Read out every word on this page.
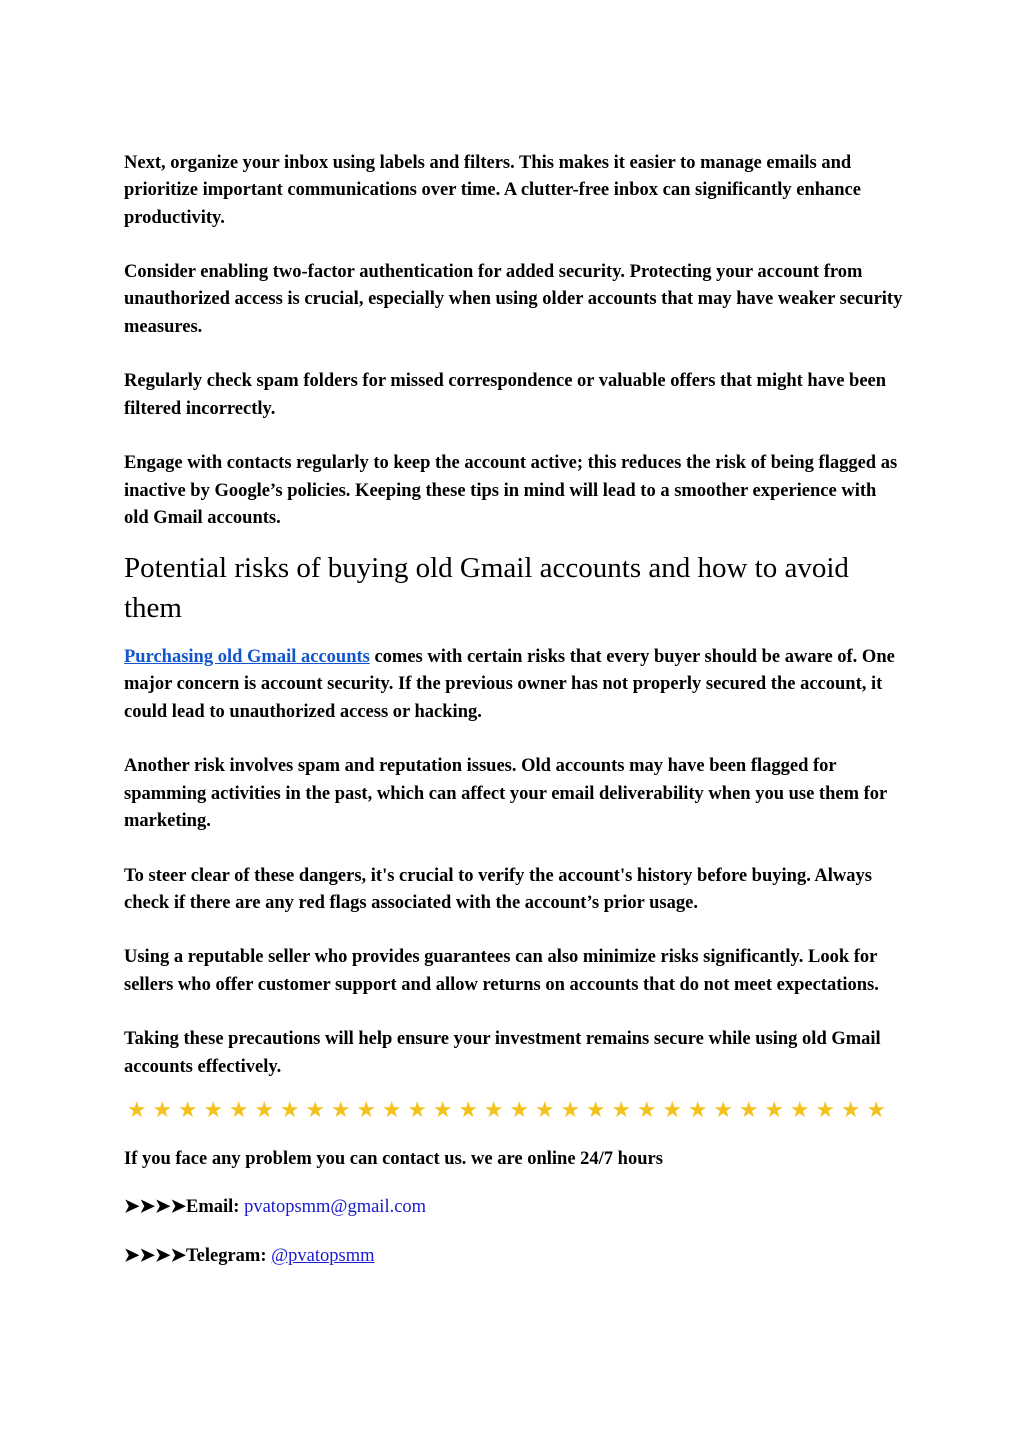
Next, organize your inbox using labels and filters. This makes it easier to manage emails and prioritize important communications over time. A clutter-free inbox can significantly enhance productivity.

Consider enabling two-factor authentication for added security. Protecting your account from unauthorized access is crucial, especially when using older accounts that may have weaker security measures.

Regularly check spam folders for missed correspondence or valuable offers that might have been filtered incorrectly.

Engage with contacts regularly to keep the account active; this reduces the risk of being flagged as inactive by Google’s policies. Keeping these tips in mind will lead to a smoother experience with old Gmail accounts.

Potential risks of buying old Gmail accounts and how to avoid them

Purchasing old Gmail accounts comes with certain risks that every buyer should be aware of. One major concern is account security. If the previous owner has not properly secured the account, it could lead to unauthorized access or hacking.

Another risk involves spam and reputation issues. Old accounts may have been flagged for spamming activities in the past, which can affect your email deliverability when you use them for marketing.

To steer clear of these dangers, it's crucial to verify the account's history before buying. Always check if there are any red flags associated with the account’s prior usage.

Using a reputable seller who provides guarantees can also minimize risks significantly. Look for sellers who offer customer support and allow returns on accounts that do not meet expectations.

Taking these precautions will help ensure your investment remains secure while using old Gmail accounts effectively.

★ ★ ★ ★ ★ ★ ★ ★ ★ ★ ★ ★ ★ ★ ★ ★ ★ ★ ★ ★ ★ ★ ★ ★ ★ ★ ★ ★ ★ ★

If you face any problem you can contact us. we are online 24/7 hours

➤➤➤➤Email: pvatopsmm@gmail.com

➤➤➤➤Telegram: @pvatopsmm
